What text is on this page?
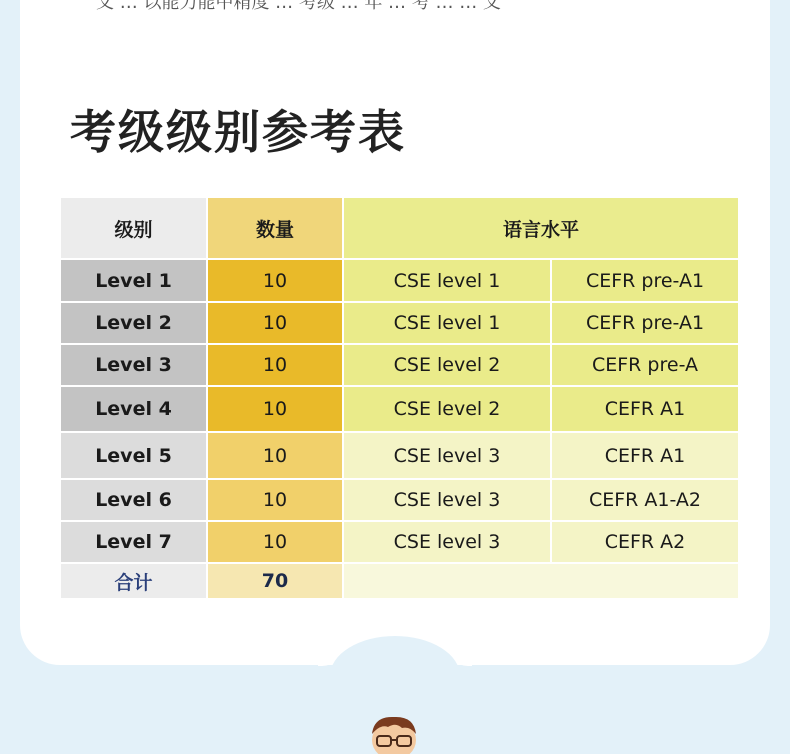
考级级别参考表
级别	数量	语言水平	
Level 1	10	CSE level 1	CEFR pre-A1
Level 2	10	CSE level 1	CEFR pre-A1
Level 3	10	CSE level 2	CEFR pre-A
Level 4	10	CSE level 2	CEFR A1
Level 5	10	CSE level 3	CEFR A1
Level 6	10	CSE level 3	CEFR A1-A2
Level 7	10	CSE level 3	CEFR A2
合计	70		
